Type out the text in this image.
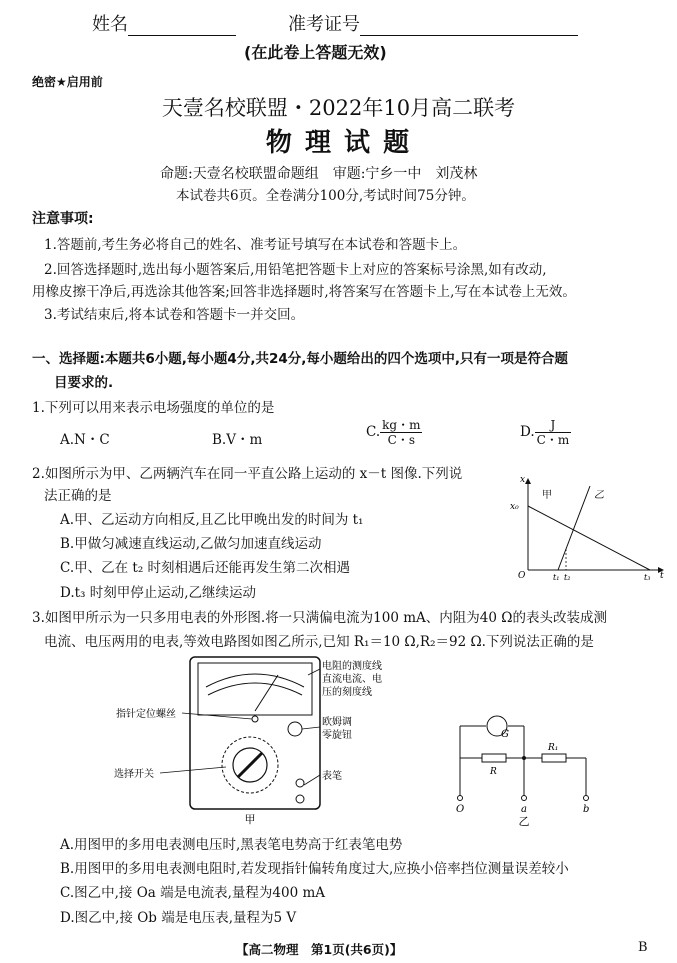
姓名	准考证号
(在此卷上答题无效)
绝密★启用前
天壹名校联盟・2022年10月高二联考
物 理 试 题
命题:天壹名校联盟命题组　审题:宁乡一中　刘茂林
本试卷共6页。全卷满分100分,考试时间75分钟。
注意事项:
1.答题前,考生务必将自己的姓名、准考证号填写在本试卷和答题卡上。
2.回答选择题时,选出每小题答案后,用铅笔把答题卡上对应的答案标号涂黑,如有改动,
用橡皮擦干净后,再选涂其他答案;回答非选择题时,将答案写在答题卡上,写在本试卷上无效。
3.考试结束后,将本试卷和答题卡一并交回。
一、选择题:本题共6小题,每小题4分,共24分,每小题给出的四个选项中,只有一项是符合题
目要求的.
1.下列可以用来表示电场强度的单位的是
A.N・C	B.V・m	C. $\frac{kg・m}{C・s}$	D. $\frac{J}{C・m}$
2.如图所示为甲、乙两辆汽车在同一平直公路上运动的 x－t 图像.下列说
法正确的是
A.甲、乙运动方向相反,且乙比甲晚出发的时间为 t₁
B.甲做匀减速直线运动,乙做匀加速直线运动
C.甲、乙在 t₂ 时刻相遇后还能再发生第二次相遇
D.t₃ 时刻甲停止运动,乙继续运动
x
x₀
t
O
甲	乙
t₁ t₂	t₃
3.如图甲所示为一只多用电表的外形图.将一只满偏电流为100 mA、内阻为40 Ω的表头改装成测
电流、电压两用的电表,等效电路图如图乙所示,已知 R₁＝10 Ω,R₂＝92 Ω.下列说法正确的是
电阻的测度线
直流电流、电
压的刻度线
指针定位螺丝
欧姆调
零旋钮
选择开关	表笔
甲
G
R
R₁
O	a	b
乙
A.用图甲的多用电表测电压时,黑表笔电势高于红表笔电势
B.用图甲的多用电表测电阻时,若发现指针偏转角度过大,应换小倍率挡位测量误差较小
C.图乙中,接 Oa 端是电流表,量程为400 mA
D.图乙中,接 Ob 端是电压表,量程为5 V
【高二物理　第1页(共6页)】	B
